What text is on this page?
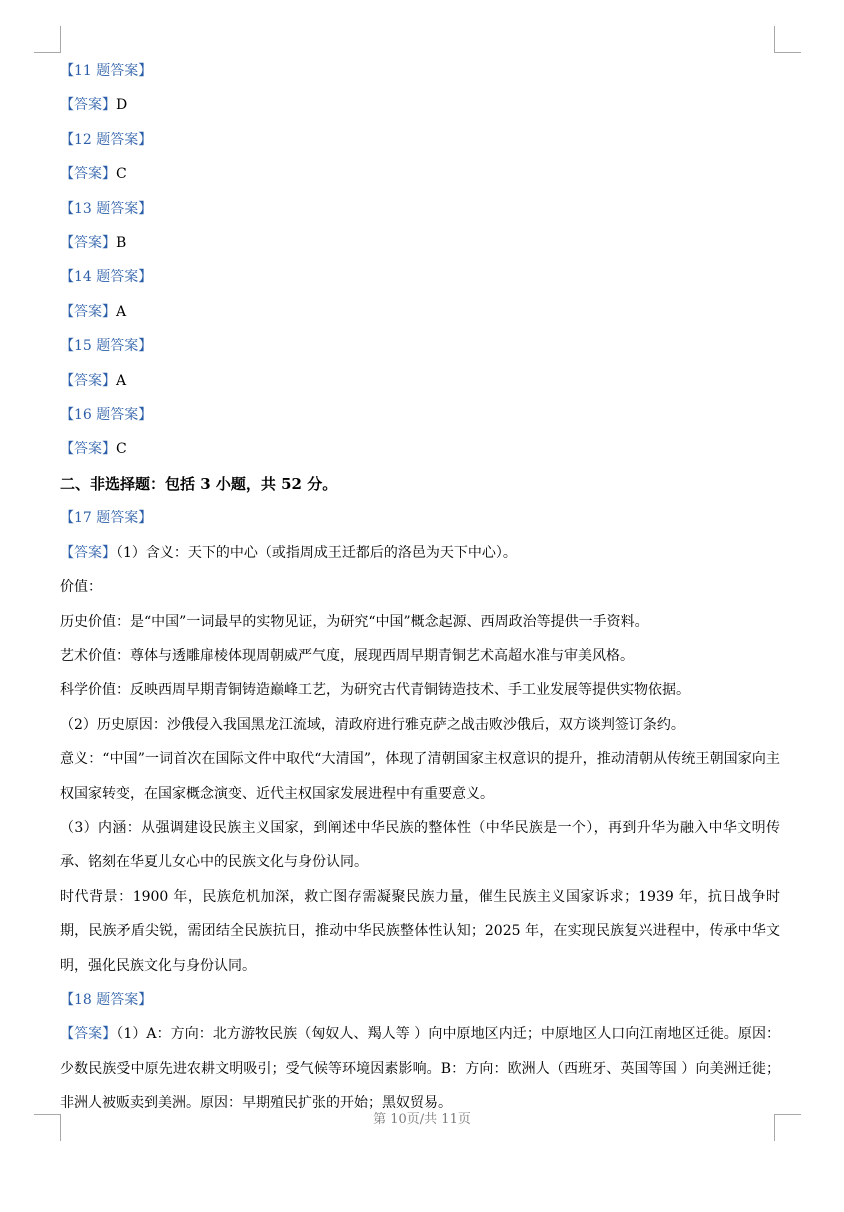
【11 题答案】
【答案】D
【12 题答案】
【答案】C
【13 题答案】
【答案】B
【14 题答案】
【答案】A
【15 题答案】
【答案】A
【16 题答案】
【答案】C
二、非选择题：包括 3 小题，共 52 分。
【17 题答案】
【答案】（1）含义：天下的中心（或指周成王迁都后的洛邑为天下中心）。
价值：
历史价值：是“中国”一词最早的实物见证，为研究“中国”概念起源、西周政治等提供一手资料。
艺术价值：尊体与透雕扉棱体现周朝威严气度，展现西周早期青铜艺术高超水准与审美风格。
科学价值：反映西周早期青铜铸造巅峰工艺，为研究古代青铜铸造技术、手工业发展等提供实物依据。
（2）历史原因：沙俄侵入我国黑龙江流域，清政府进行雅克萨之战击败沙俄后，双方谈判签订条约。
意义：“中国”一词首次在国际文件中取代“大清国”，体现了清朝国家主权意识的提升，推动清朝从传统王朝国家向主权国家转变，在国家概念演变、近代主权国家发展进程中有重要意义。
（3）内涵：从强调建设民族主义国家，到阐述中华民族的整体性（中华民族是一个），再到升华为融入中华文明传承、铭刻在华夏儿女心中的民族文化与身份认同。
时代背景：1900 年，民族危机加深，救亡图存需凝聚民族力量，催生民族主义国家诉求；1939 年，抗日战争时期，民族矛盾尖锐，需团结全民族抗日，推动中华民族整体性认知；2025 年，在实现民族复兴进程中，传承中华文明，强化民族文化与身份认同。
【18 题答案】
【答案】（1）A：方向：北方游牧民族（匈奴人、羯人等 ）向中原地区内迁；中原地区人口向江南地区迁徙。原因：少数民族受中原先进农耕文明吸引；受气候等环境因素影响。B：方向：欧洲人（西班牙、英国等国 ）向美洲迁徙；非洲人被贩卖到美洲。原因：早期殖民扩张的开始；黑奴贸易。
第 10页/共 11页
